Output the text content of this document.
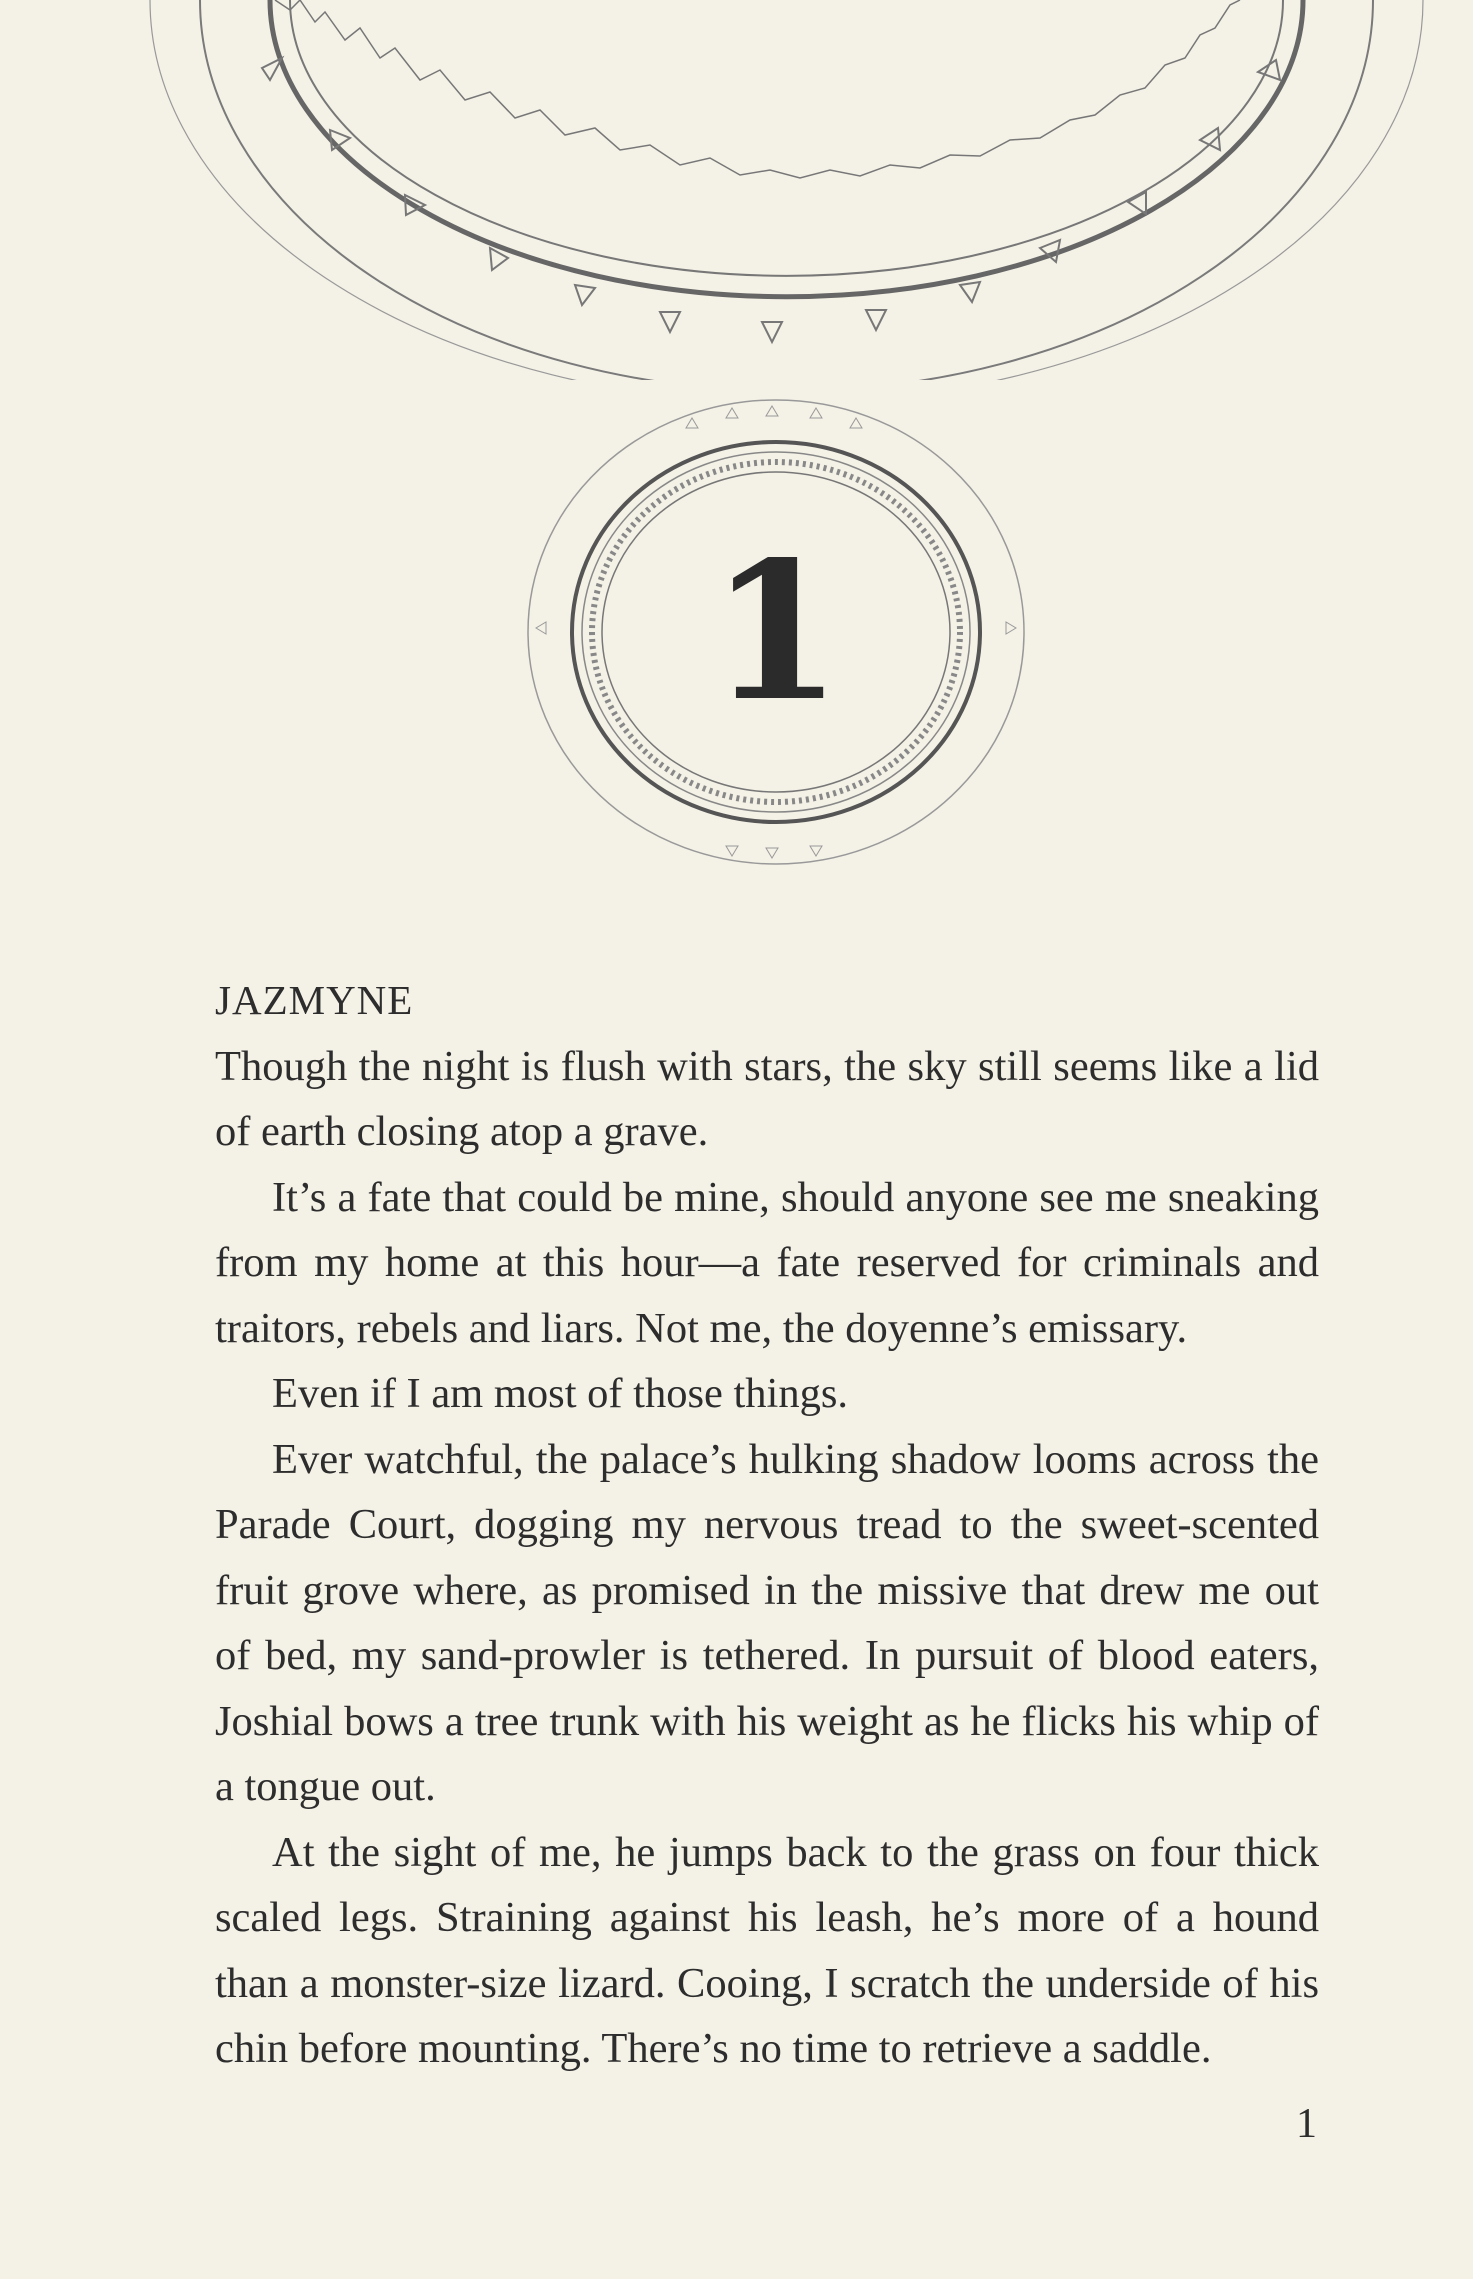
1

JAZMYNE

Though the night is flush with stars, the sky still seems like a lid of earth closing atop a grave.

It’s a fate that could be mine, should anyone see me sneaking from my home at this hour—a fate reserved for criminals and traitors, rebels and liars. Not me, the doyenne’s emissary.

Even if I am most of those things.

Ever watchful, the palace’s hulking shadow looms across the Parade Court, dogging my nervous tread to the sweet-scented fruit grove where, as promised in the missive that drew me out of bed, my sand-prowler is tethered. In pursuit of blood eaters, Joshial bows a tree trunk with his weight as he flicks his whip of a tongue out.

At the sight of me, he jumps back to the grass on four thick scaled legs. Straining against his leash, he’s more of a hound than a monster-size lizard. Cooing, I scratch the underside of his chin before mounting. There’s no time to retrieve a saddle.

1
